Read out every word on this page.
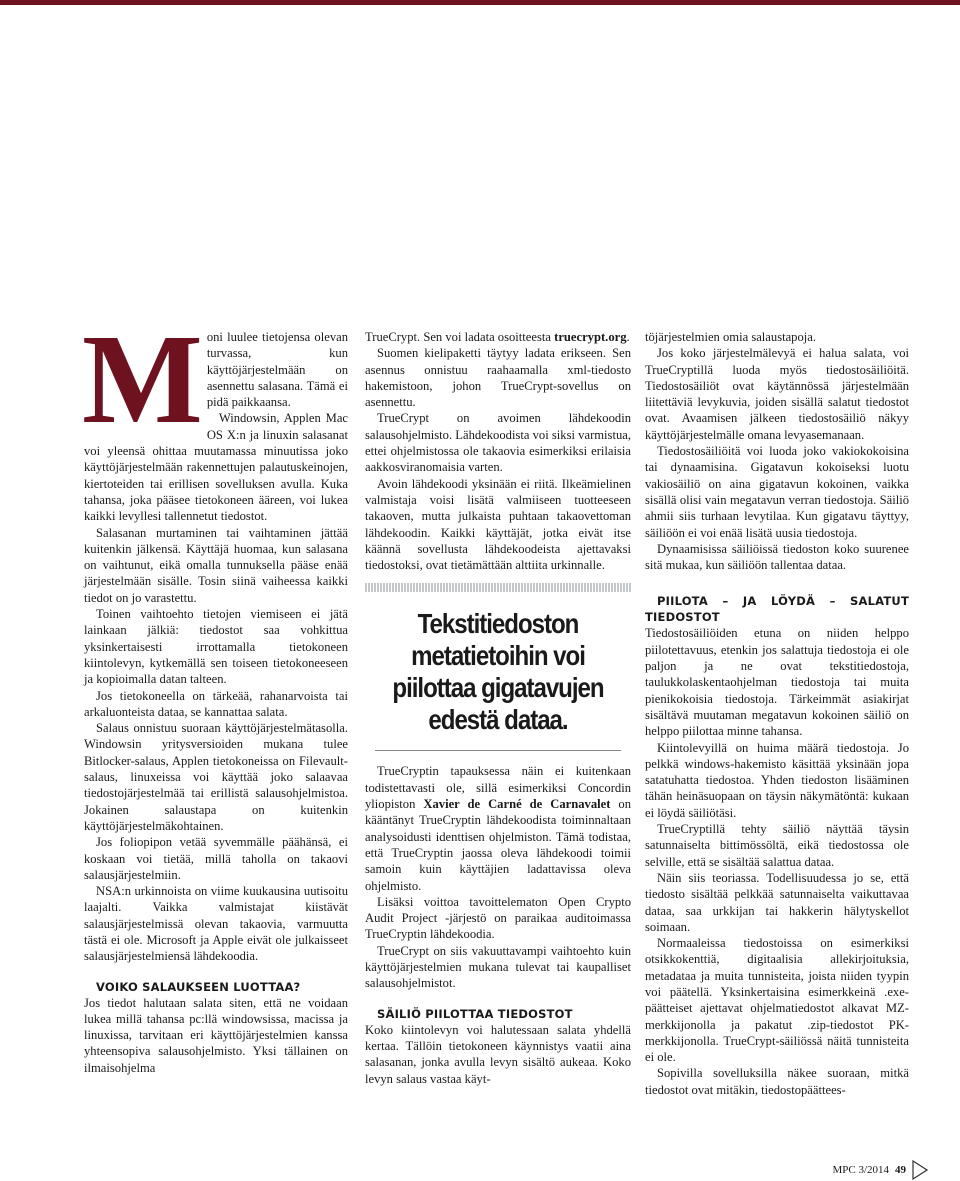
M oni luulee tietojensa olevan turvassa, kun käyttöjärjestelmään on asennettu salasana. Tämä ei pidä paikkaansa.

Windowsin, Applen Mac OS X:n ja linuxin salasanat voi yleensä ohittaa muutamassa minuutissa joko käyttöjärjestelmään rakennettujen palautuskeinojen, kiertoteiden tai erillisen sovelluksen avulla. Kuka tahansa, joka pääsee tietokoneen ääreen, voi lukea kaikki levyllesi tallennetut tiedostot.

Salasanan murtaminen tai vaihtaminen jättää kuitenkin jälkensä. Käyttäjä huomaa, kun salasana on vaihtunut, eikä omalla tunnuksella pääse enää järjestelmään sisälle. Tosin siinä vaiheessa kaikki tiedot on jo varastettu.

Toinen vaihtoehto tietojen viemiseen ei jätä lainkaan jälkiä: tiedostot saa vohkittua yksinkertaisesti irrottamalla tietokoneen kiintolevyn, kytkemällä sen toiseen tietokoneeseen ja kopioimalla datan talteen.

Jos tietokoneella on tärkeää, rahanarvoista tai arkaluonteista dataa, se kannattaa salata.

Salaus onnistuu suoraan käyttöjärjestelmätasolla. Windowsin yritysversioiden mukana tulee Bitlocker-salaus, Applen tietokoneissa on Filevault-salaus, linuxeissa voi käyttää joko salaavaa tiedostojärjestelmää tai erillistä salausohjelmistoa. Jokainen salaustapa on kuitenkin käyttöjärjestelmäkohtainen.

Jos foliopipon vetää syvemmälle päähänsä, ei koskaan voi tietää, millä taholla on takaovi salausjärjestelmiin.

NSA:n urkinnoista on viime kuukausina uutisoitu laajalti. Vaikka valmistajat kiistävät salausjärjestelmissä olevan takaovia, varmuutta tästä ei ole. Microsoft ja Apple eivät ole julkaisseet salausjärjestelmiensä lähdekoodia.

VOIKO SALAUKSEEN LUOTTAA?

Jos tiedot halutaan salata siten, että ne voidaan lukea millä tahansa pc:llä windowsissa, macissa ja linuxissa, tarvitaan eri käyttöjärjestelmien kanssa yhteensopiva salausohjelmisto. Yksi tällainen on ilmaisohjelma

TrueCrypt. Sen voi ladata osoitteesta truecrypt.org.

Suomen kielipaketti täytyy ladata erikseen. Sen asennus onnistuu raahaamalla xml-tiedosto hakemistoon, johon TrueCrypt-sovellus on asennettu.

TrueCrypt on avoimen lähdekoodin salausohjelmisto. Lähdekoodista voi siksi varmistua, ettei ohjelmistossa ole takaovia esimerkiksi erilaisia aakkosviranomaisia varten.

Avoin lähdekoodi yksinään ei riitä. Ilkeämielinen valmistaja voisi lisätä valmiiseen tuotteeseen takaoven, mutta julkaista puhtaan takaovettoman lähdekoodin. Kaikki käyttäjät, jotka eivät itse käännä sovellusta lähdekoodeista ajettavaksi tiedostoksi, ovat tietämättään alttiita urkinnalle.

Tekstitiedoston metatietoihin voi piilottaa gigatavujen edestä dataa.

TrueCryptin tapauksessa näin ei kuitenkaan todistettavasti ole, sillä esimerkiksi Concordin yliopiston Xavier de Carné de Carnavalet on kääntänyt TrueCryptin lähdekoodista toiminnaltaan analysoidusti identtisen ohjelmiston. Tämä todistaa, että TrueCryptin jaossa oleva lähdekoodi toimii samoin kuin käyttäjien ladattavissa oleva ohjelmisto.

Lisäksi voittoa tavoittelematon Open Crypto Audit Project -järjestö on paraikaa auditoimassa TrueCryptin lähdekoodia.

TrueCrypt on siis vakuuttavampi vaihtoehto kuin käyttöjärjestelmien mukana tulevat tai kaupalliset salausohjelmistot.

SÄILIÖ PIILOTTAA TIEDOSTOT

Koko kiintolevyn voi halutessaan salata yhdellä kertaa. Tällöin tietokoneen käynnistys vaatii aina salasanan, jonka avulla levyn sisältö aukeaa. Koko levyn salaus vastaa käyt-

töjärjestelmien omia salaustapoja.

Jos koko järjestelmälevyä ei halua salata, voi TrueCryptillä luoda myös tiedostosäiliöitä. Tiedostosäiliöt ovat käytännössä järjestelmään liitettäviä levykuvia, joiden sisällä salatut tiedostot ovat. Avaamisen jälkeen tiedostosäiliö näkyy käyttöjärjestelmälle omana levyasemanaan.

Tiedostosäiliöitä voi luoda joko vakiokokoisina tai dynaamisina. Gigatavun kokoiseksi luotu vakiosäiliö on aina gigatavun kokoinen, vaikka sisällä olisi vain megatavun verran tiedostoja. Säiliö ahmii siis turhaan levytilaa. Kun gigatavu täyttyy, säiliöön ei voi enää lisätä uusia tiedostoja.

Dynaamisissa säiliöissä tiedoston koko suurenee sitä mukaa, kun säiliöön tallentaa dataa.

PIILOTA – JA LÖYDÄ – SALATUT TIEDOSTOT

Tiedostosäiliöiden etuna on niiden helppo piilotettavuus, etenkin jos salattuja tiedostoja ei ole paljon ja ne ovat tekstitiedostoja, taulukkolaskentaohjelman tiedostoja tai muita pienikokoisia tiedostoja. Tärkeimmät asiakirjat sisältävä muutaman megatavun kokoinen säiliö on helppo piilottaa minne tahansa.

Kiintolevyillä on huima määrä tiedostoja. Jo pelkkä windows-hakemisto käsittää yksinään jopa satatuhatta tiedostoa. Yhden tiedoston lisääminen tähän heinäsuopaan on täysin näkymätöntä: kukaan ei löydä säiliötäsi.

TrueCryptillä tehty säiliö näyttää täysin satunnaiselta bittimössöltä, eikä tiedostossa ole selville, että se sisältää salattua dataa.

Näin siis teoriassa. Todellisuudessa jo se, että tiedosto sisältää pelkkää satunnaiselta vaikuttavaa dataa, saa urkkijan tai hakkerin hälytyskellot soimaan.

Normaaleissa tiedostoissa on esimerkiksi otsikkokenttiä, digitaalisia allekirjoituksia, metadataa ja muita tunnisteita, joista niiden tyypin voi päätellä. Yksinkertaisina esimerkkeinä .exe-päätteiset ajettavat ohjelmatiedostot alkavat MZ-merkkijonolla ja pakatut .zip-tiedostot PK-merkkijonolla. TrueCrypt-säiliössä näitä tunnisteita ei ole.

Sopivilla sovelluksilla näkee suoraan, mitkä tiedostot ovat mitäkin, tiedostopäättees-

MPC 3/2014 49
